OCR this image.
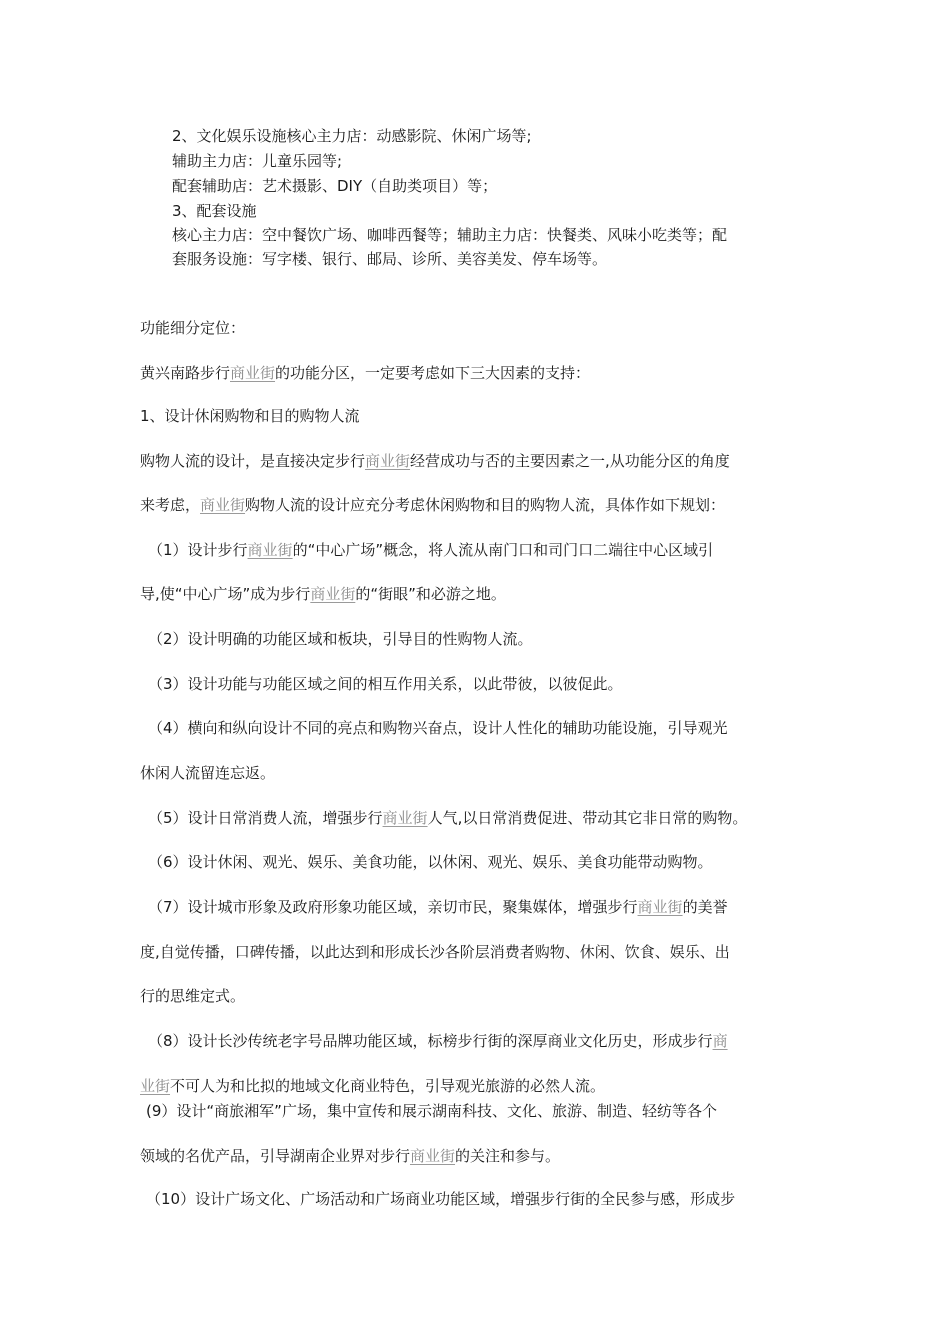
2、文化娱乐设施核心主力店：动感影院、休闲广场等;
辅助主力店：儿童乐园等;
配套辅助店：艺术摄影、DIY（自助类项目）等；
3、配套设施
核心主力店：空中餐饮广场、咖啡西餐等；辅助主力店：快餐类、风味小吃类等；配
套服务设施：写字楼、银行、邮局、诊所、美容美发、停车场等。
功能细分定位：
黄兴南路步行商业街的功能分区，一定要考虑如下三大因素的支持：
1、设计休闲购物和目的购物人流
购物人流的设计，是直接决定步行商业街经营成功与否的主要因素之一,从功能分区的角度
来考虑，商业街购物人流的设计应充分考虑休闲购物和目的购物人流，具体作如下规划：
（1）设计步行商业街的“中心广场”概念，将人流从南门口和司门口二端往中心区域引
导,使“中心广场”成为步行商业街的“街眼”和必游之地。
（2）设计明确的功能区域和板块，引导目的性购物人流。
（3）设计功能与功能区域之间的相互作用关系，以此带彼，以彼促此。
（4）横向和纵向设计不同的亮点和购物兴奋点，设计人性化的辅助功能设施，引导观光
休闲人流留连忘返。
（5）设计日常消费人流，增强步行商业街人气,以日常消费促进、带动其它非日常的购物。
（6）设计休闲、观光、娱乐、美食功能，以休闲、观光、娱乐、美食功能带动购物。
（7）设计城市形象及政府形象功能区域，亲切市民，聚集媒体，增强步行商业街的美誉
度,自觉传播，口碑传播，以此达到和形成长沙各阶层消费者购物、休闲、饮食、娱乐、出
行的思维定式。
（8）设计长沙传统老字号品牌功能区域，标榜步行街的深厚商业文化历史，形成步行商
业街不可人为和比拟的地域文化商业特色，引导观光旅游的必然人流。
(9）设计“商旅湘军”广场，集中宣传和展示湖南科技、文化、旅游、制造、轻纺等各个
领域的名优产品，引导湖南企业界对步行商业街的关注和参与。
（10）设计广场文化、广场活动和广场商业功能区域，增强步行街的全民参与感，形成步
